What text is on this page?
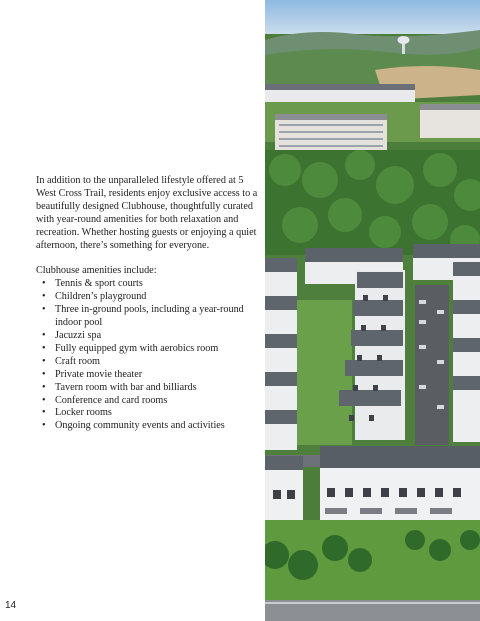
In addition to the unparalleled lifestyle offered at 5 West Cross Trail, residents enjoy exclusive access to a beautifully designed Clubhouse, thoughtfully curated with year-round amenities for both relaxation and recreation. Whether hosting guests or enjoying a quiet afternoon, there’s something for everyone.

Clubhouse amenities include:

• Tennis & sport courts
• Children’s playground
• Three in-ground pools, including a year-round indoor pool
• Jacuzzi spa
• Fully equipped gym with aerobics room
• Craft room
• Private movie theater
• Tavern room with bar and billiards
• Conference and card rooms
• Locker rooms
• Ongoing community events and activities
14
